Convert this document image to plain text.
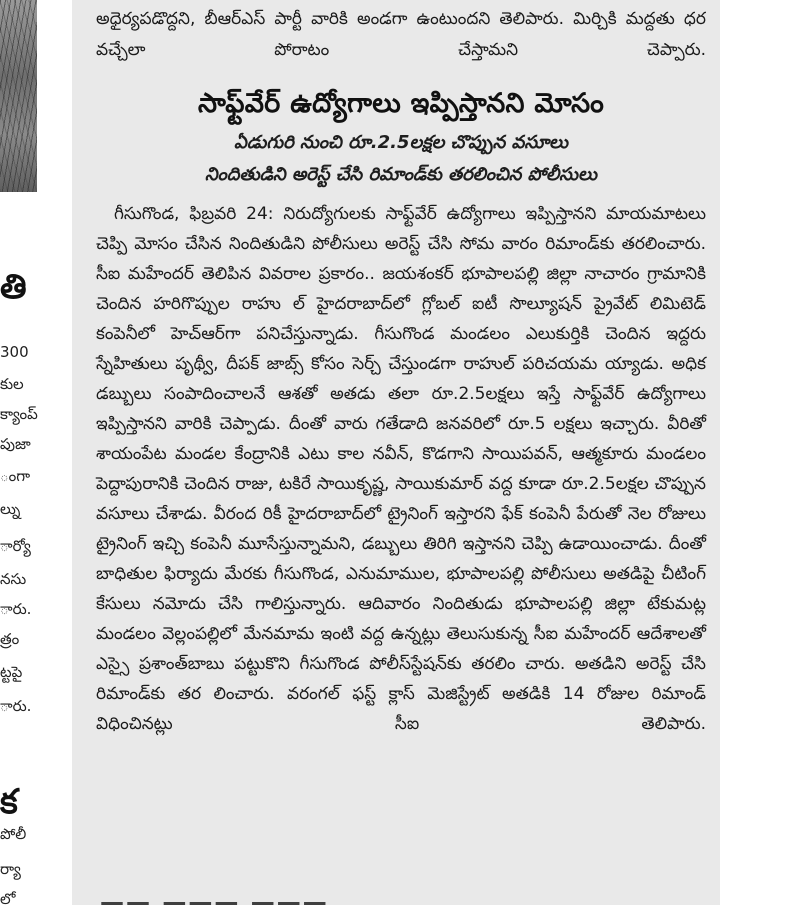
తి
300
కుల
క్యాంప్
పుజా
ంగా
ల్ను
ార్యో
నసు
ారు.
త్రం
ట్టపై
ారు.
క
పోలీ
ర్యా
లో

అధైర్యపడొద్దని, బీఆర్ఎస్ పార్టీ వారికి అండగా ఉంటుందని తెలిపారు. మిర్చికి మద్దతు ధర వచ్చేలా పోరాటం చేస్తామని చెప్పారు.

సాఫ్ట్‌వేర్ ఉద్యోగాలు ఇప్పిస్తానని మోసం

ఏడుగురి నుంచి రూ.2.5లక్షల చొప్పున వసూలు

నిందితుడిని అరెస్ట్ చేసి రిమాండ్‌కు తరలించిన పోలీసులు

గీసుగొండ, ఫిబ్రవరి 24: నిరుద్యోగులకు సాఫ్ట్‌వేర్ ఉద్యోగాలు ఇప్పిస్తానని మాయమాటలు చెప్పి మోసం చేసిన నిందితుడిని పోలీసులు అరెస్ట్ చేసి సోమ వారం రిమాండ్‌కు తరలించారు. సీఐ మహేందర్ తెలిపిన వివరాల ప్రకారం.. జయశంకర్ భూపాలపల్లి జిల్లా నాచారం గ్రామానికి చెందిన హరిగొప్పుల రాహు ల్ హైదరాబాద్‌లో గ్లోబల్ ఐటీ సొల్యూషన్ ప్రైవేట్ లిమిటెడ్ కంపెనీలో హెచ్ఆర్‌గా పనిచేస్తున్నాడు. గీసుగొండ మండలం ఎలుకుర్తికి చెందిన ఇద్దరు స్నేహితులు పృథ్వీ, దీపక్ జాబ్స్ కోసం సెర్చ్ చేస్తుండగా రాహుల్ పరిచయమ య్యాడు. అధిక డబ్బులు సంపాదించాలనే ఆశతో అతడు తలా రూ.2.5లక్షలు ఇస్తే సాఫ్ట్‌వేర్ ఉద్యోగాలు ఇప్పిస్తానని వారికి చెప్పాడు. దీంతో వారు గతేడాది జనవరిలో రూ.5 లక్షలు ఇచ్చారు. వీరితో శాయంపేట మండల కేంద్రానికి ఎటు కాల నవీన్, కొడగాని సాయిపవన్, ఆత్మకూరు మండలం పెద్దాపురానికి చెందిన రాజు, టకిరే సాయికృష్ణ, సాయికుమార్ వద్ద కూడా రూ.2.5లక్షల చొప్పున వసూలు చేశాడు. వీరంద రికీ హైదరాబాద్‌లో ట్రైనింగ్ ఇస్తారని ఫేక్ కంపెనీ పేరుతో నెల రోజులు ట్రైనింగ్ ఇచ్చి కంపెనీ మూసేస్తున్నామని, డబ్బులు తిరిగి ఇస్తానని చెప్పి ఉడాయించాడు. దీంతో బాధితుల ఫిర్యాదు మేరకు గీసుగొండ, ఎనుమాముల, భూపాలపల్లి పోలీసులు అతడిపై చీటింగ్ కేసులు నమోదు చేసి గాలిస్తున్నారు. ఆదివారం నిందితుడు భూపాలపల్లి జిల్లా టేకుమట్ల మండలం వెల్లంపల్లిలో మేనమామ ఇంటి వద్ద ఉన్నట్లు తెలుసుకున్న సీఐ మహేందర్ ఆదేశాలతో ఎస్సై ప్రశాంత్‌బాబు పట్టుకొని గీసుగొండ పోలీస్‌స్టేషన్‌కు తరలిం చారు. అతడిని అరెస్ట్ చేసి రిమాండ్‌కు తర లించారు. వరంగల్ ఫస్ట్ క్లాస్ మెజిస్ట్రేట్ అతడికి 14 రోజుల రిమాండ్ విధించినట్లు సీఐ తెలిపారు.

—— ——— ———
